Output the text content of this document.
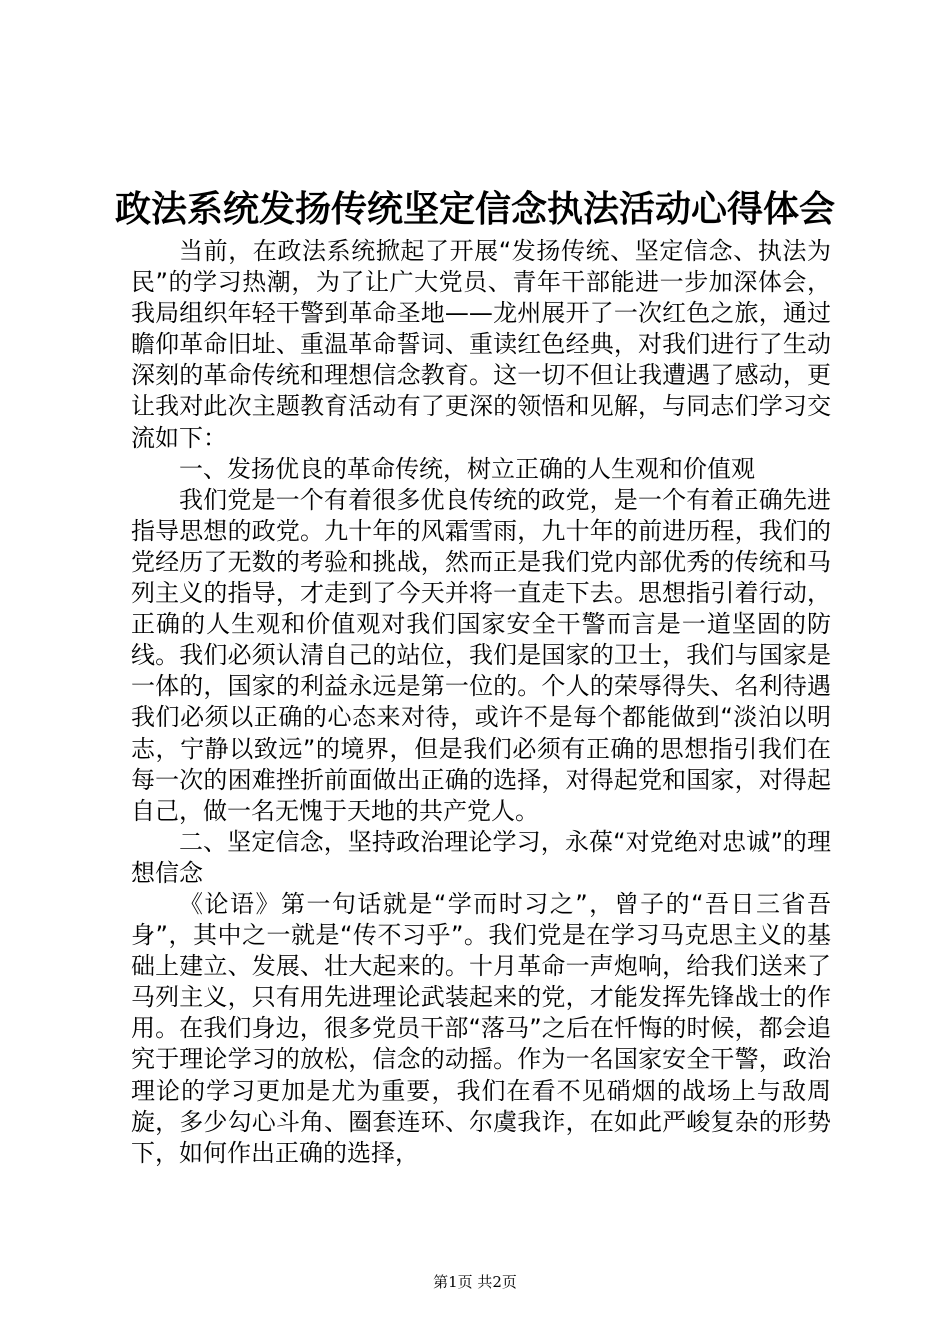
政法系统发扬传统坚定信念执法活动心得体会

当前，在政法系统掀起了开展“发扬传统、坚定信念、执法为民”的学习热潮，为了让广大党员、青年干部能进一步加深体会，我局组织年轻干警到革命圣地——龙州展开了一次红色之旅，通过瞻仰革命旧址、重温革命誓词、重读红色经典，对我们进行了生动深刻的革命传统和理想信念教育。这一切不但让我遭遇了感动，更让我对此次主题教育活动有了更深的领悟和见解，与同志们学习交流如下：

一、发扬优良的革命传统，树立正确的人生观和价值观

我们党是一个有着很多优良传统的政党，是一个有着正确先进指导思想的政党。九十年的风霜雪雨，九十年的前进历程，我们的党经历了无数的考验和挑战，然而正是我们党内部优秀的传统和马列主义的指导，才走到了今天并将一直走下去。思想指引着行动，正确的人生观和价值观对我们国家安全干警而言是一道坚固的防线。我们必须认清自己的站位，我们是国家的卫士，我们与国家是一体的，国家的利益永远是第一位的。个人的荣辱得失、名利待遇我们必须以正确的心态来对待，或许不是每个都能做到“淡泊以明志，宁静以致远”的境界，但是我们必须有正确的思想指引我们在每一次的困难挫折前面做出正确的选择，对得起党和国家，对得起自己，做一名无愧于天地的共产党人。

二、坚定信念，坚持政治理论学习，永葆“对党绝对忠诚”的理想信念

《论语》第一句话就是“学而时习之”，曾子的“吾日三省吾身”，其中之一就是“传不习乎”。我们党是在学习马克思主义的基础上建立、发展、壮大起来的。十月革命一声炮响，给我们送来了马列主义，只有用先进理论武装起来的党，才能发挥先锋战士的作用。在我们身边，很多党员干部“落马”之后在忏悔的时候，都会追究于理论学习的放松，信念的动摇。作为一名国家安全干警，政治理论的学习更加是尤为重要，我们在看不见硝烟的战场上与敌周旋，多少勾心斗角、圈套连环、尔虞我诈，在如此严峻复杂的形势下，如何作出正确的选择，

第1页 共2页
